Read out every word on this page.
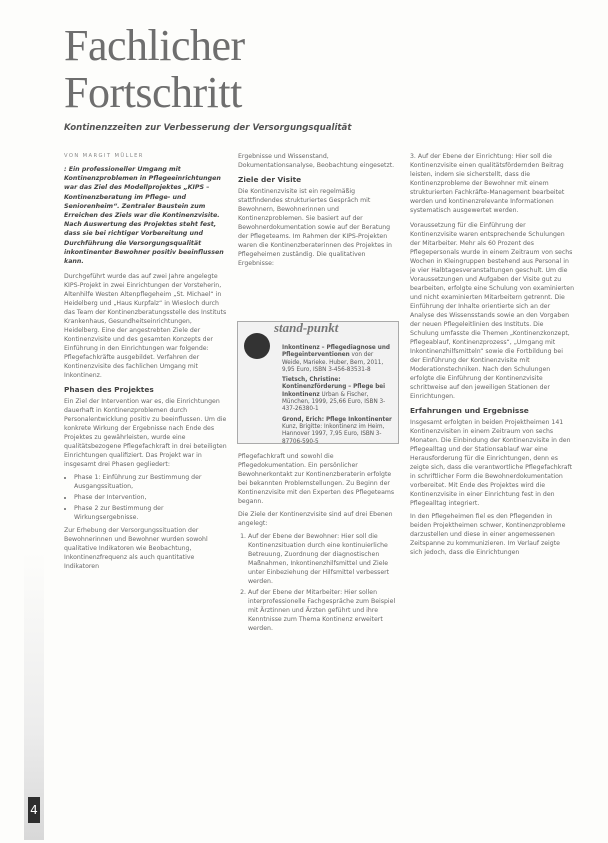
Fachlicher
Fortschritt
Kontinenzzeiten zur Verbesserung der Versorgungsqualität
VON MARGIT MÜLLER

: Ein professioneller Umgang mit Kontinenzproblemen in Pflegeeinrichtungen war das Ziel des Modellprojektes „KIPS – Kontinenzberatung im Pflege- und Seniorenheim“. Zentraler Baustein zum Erreichen des Ziels war die Kontinenzvisite. Nach Auswertung des Projektes steht fest, dass sie bei richtiger Vorbereitung und Durchführung die Versorgungsqualität inkontinenter Bewohner positiv beeinflussen kann.

Durchgeführt wurde das auf zwei Jahre angelegte KIPS-Projekt in zwei Einrichtungen der Vorsteherin, Altenhilfe Westen Altenpflegeheim „St. Michael“ in Heidelberg und „Haus Kurpfalz“ in Wiesloch durch das Team der Kontinenzberatungsstelle des Instituts Krankenhaus, Gesundheitseinrichtungen, Heidelberg. Eine der angestrebten Ziele der Kontinenzvisite und des gesamten Konzepts der Einführung in den Einrichtungen war folgende: Pflegefachkräfte ausgebildet. Verfahren der Kontinenzvisite des fachlichen Umgang mit Inkontinenz.

Phasen des Projektes

Ein Ziel der Intervention war es, die Einrichtungen dauerhaft in Kontinenzproblemen durch Personalentwicklung positiv zu beeinflussen. Um die konkrete Wirkung der Ergebnisse nach Ende des Projektes zu gewährleisten, wurde eine qualitätsbezogene Pflegefachkraft in drei beteiligten Einrichtungen qualifiziert. Das Projekt war in insgesamt drei Phasen gegliedert:

• Phase 1: Einführung zur Bestimmung der Ausgangssituation,
• Phase der Intervention,
• Phase 2 zur Bestimmung der Wirkungsergebnisse.

Zur Erhebung der Versorgungssituation der Bewohnerinnen und Bewohner wurden sowohl qualitative Indikatoren wie Beobachtung, Inkontinenzfrequenz als auch quantitative Indikatoren

Ergebnisse und Wissenstand, Dokumentationsanalyse, Beobachtung eingesetzt.

Ziele der Visite

Die Kontinenzvisite ist ein regelmäßig stattfindendes strukturiertes Gespräch mit Bewohnern, Bewohnerinnen und Kontinenzproblemen. Sie basiert auf der Bewohnerdokumentation sowie auf der Beratung der Pflegeteams. Im Rahmen der KIPS-Projekten waren die Kontinenzberaterinnen des Projektes in Pflegeheimen zuständig. Die qualitativen Ergebnisse:

stand-punkt

Inkontinenz – Pflegediagnose und Pflegeinterventionen von der Weide, Marieke. Huber, Bern, 2011, 9,95 Euro, ISBN 3-456-83531-8

Tietsch, Christine: Kontinenzförderung – Pflege bei Inkontinenz Urban & Fischer, München, 1999, 25,66 Euro, ISBN 3-437-26380-1

Grond, Erich: Pflege Inkontinenter Kunz, Brigitte: Inkontinenz im Heim, Hannover 1997, 7,95 Euro, ISBN 3-87706-590-5

Pflegefachkraft und sowohl die Pflegedokumentation. Ein persönlicher Bewohnerkontakt zur Kontinenzberaterin erfolgte bei bekannten Problemstellungen. Zu Beginn der Kontinenzvisite mit den Experten des Pflegeteams begann.

Die Ziele der Kontinenzvisite sind auf drei Ebenen angelegt:

1. Auf der Ebene der Bewohner: Hier soll die Kontinenzsituation durch eine kontinuierliche Betreuung, Zuordnung der diagnostischen Maßnahmen, Inkontinenzhilfsmittel und Ziele unter Einbeziehung der Hilfsmittel verbessert werden.
2. Auf der Ebene der Mitarbeiter: Hier sollen interprofessionelle Fachgespräche zum Beispiel mit Ärztinnen und Ärzten geführt und ihre Kenntnisse zum Thema Kontinenz erweitert werden.

3. Auf der Ebene der Einrichtung: Hier soll die Kontinenzvisite einen qualitätsfördernden Beitrag leisten, indem sie sicherstellt, dass die Kontinenzprobleme der Bewohner mit einem strukturierten Fachkräfte-Management bearbeitet werden und kontinenzrelevante Informationen systematisch ausgewertet werden.

Voraussetzung für die Einführung der Kontinenzvisite waren entsprechende Schulungen der Mitarbeiter. Mehr als 60 Prozent des Pflegepersonals wurde in einem Zeitraum von sechs Wochen in Kleingruppen bestehend aus Personal in je vier Halbtagesveranstaltungen geschult. Um die Voraussetzungen und Aufgaben der Visite gut zu bearbeiten, erfolgte eine Schulung von examinierten und nicht examinierten Mitarbeitern getrennt. Die Einführung der Inhalte orientierte sich an der Analyse des Wissensstands sowie an den Vorgaben der neuen Pflegeleitlinien des Instituts. Die Schulung umfasste die Themen „Kontinenzkonzept, Pflegeablauf, Kontinenzprozess“, „Umgang mit Inkontinenzhilfsmitteln“ sowie die Fortbildung bei der Einführung der Kontinenzvisite mit Moderationstechniken. Nach den Schulungen erfolgte die Einführung der Kontinenzvisite schrittweise auf den jeweiligen Stationen der Einrichtungen.

Erfahrungen und Ergebnisse

Insgesamt erfolgten in beiden Projektheimen 141 Kontinenzvisiten in einem Zeitraum von sechs Monaten. Die Einbindung der Kontinenzvisite in den Pflegealltag und der Stationsablauf war eine Herausforderung für die Einrichtungen, denn es zeigte sich, dass die verantwortliche Pflegefachkraft in schriftlicher Form die Bewohnerdokumentation vorbereitet. Mit Ende des Projektes wird die Kontinenzvisite in einer Einrichtung fest in den Pflegealltag integriert.

In den Pflegeheimen fiel es den Pflegenden in beiden Projektheimen schwer, Kontinenzprobleme darzustellen und diese in einer angemessenen Zeitspanne zu kommunizieren. Im Verlauf zeigte sich jedoch, dass die Einrichtungen

4
